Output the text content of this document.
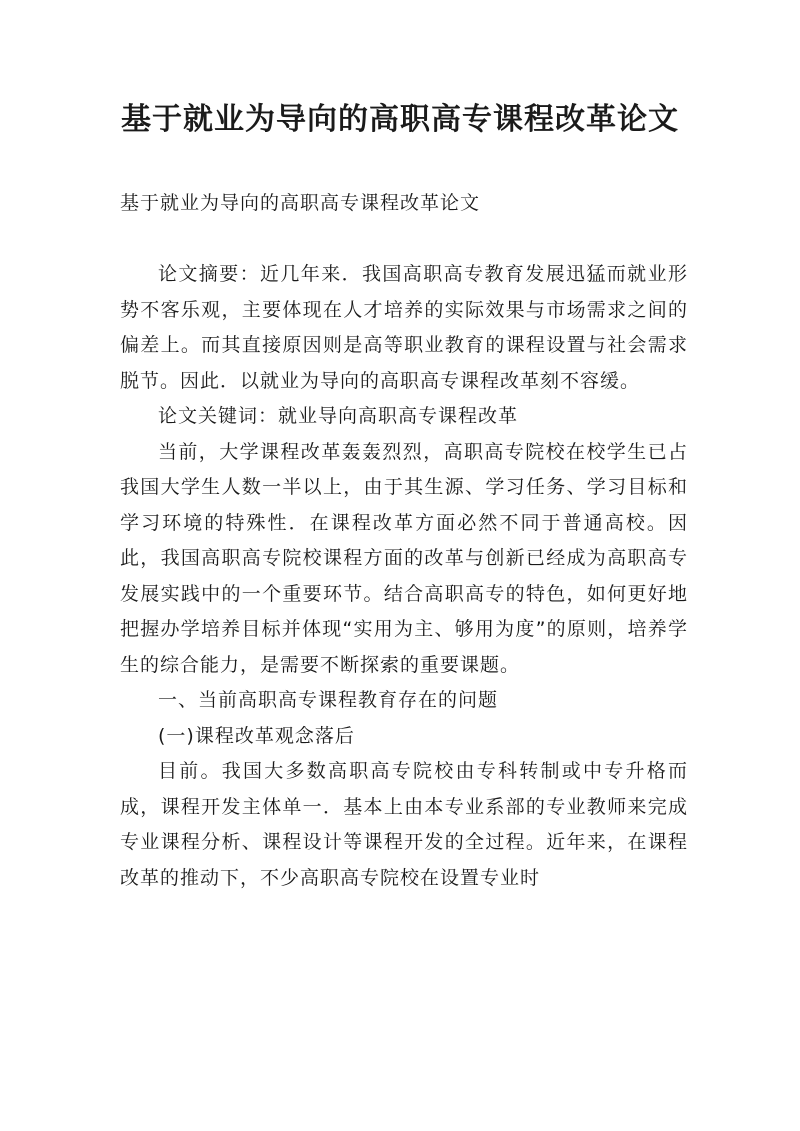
基于就业为导向的高职高专课程改革论文
基于就业为导向的高职高专课程改革论文

论文摘要：近几年来．我国高职高专教育发展迅猛而就业形势不客乐观，主要体现在人才培养的实际效果与市场需求之间的偏差上。而其直接原因则是高等职业教育的课程设置与社会需求脱节。因此．以就业为导向的高职高专课程改革刻不容缓。

论文关键词：就业导向高职高专课程改革

当前，大学课程改革轰轰烈烈，高职高专院校在校学生已占我国大学生人数一半以上，由于其生源、学习任务、学习目标和学习环境的特殊性．在课程改革方面必然不同于普通高校。因此，我国高职高专院校课程方面的改革与创新已经成为高职高专发展实践中的一个重要环节。结合高职高专的特色，如何更好地把握办学培养目标并体现“实用为主、够用为度”的原则，培养学生的综合能力，是需要不断探索的重要课题。

一、当前高职高专课程教育存在的问题

(一)课程改革观念落后

目前。我国大多数高职高专院校由专科转制或中专升格而成，课程开发主体单一．基本上由本专业系部的专业教师来完成专业课程分析、课程设计等课程开发的全过程。近年来，在课程改革的推动下，不少高职高专院校在设置专业时
